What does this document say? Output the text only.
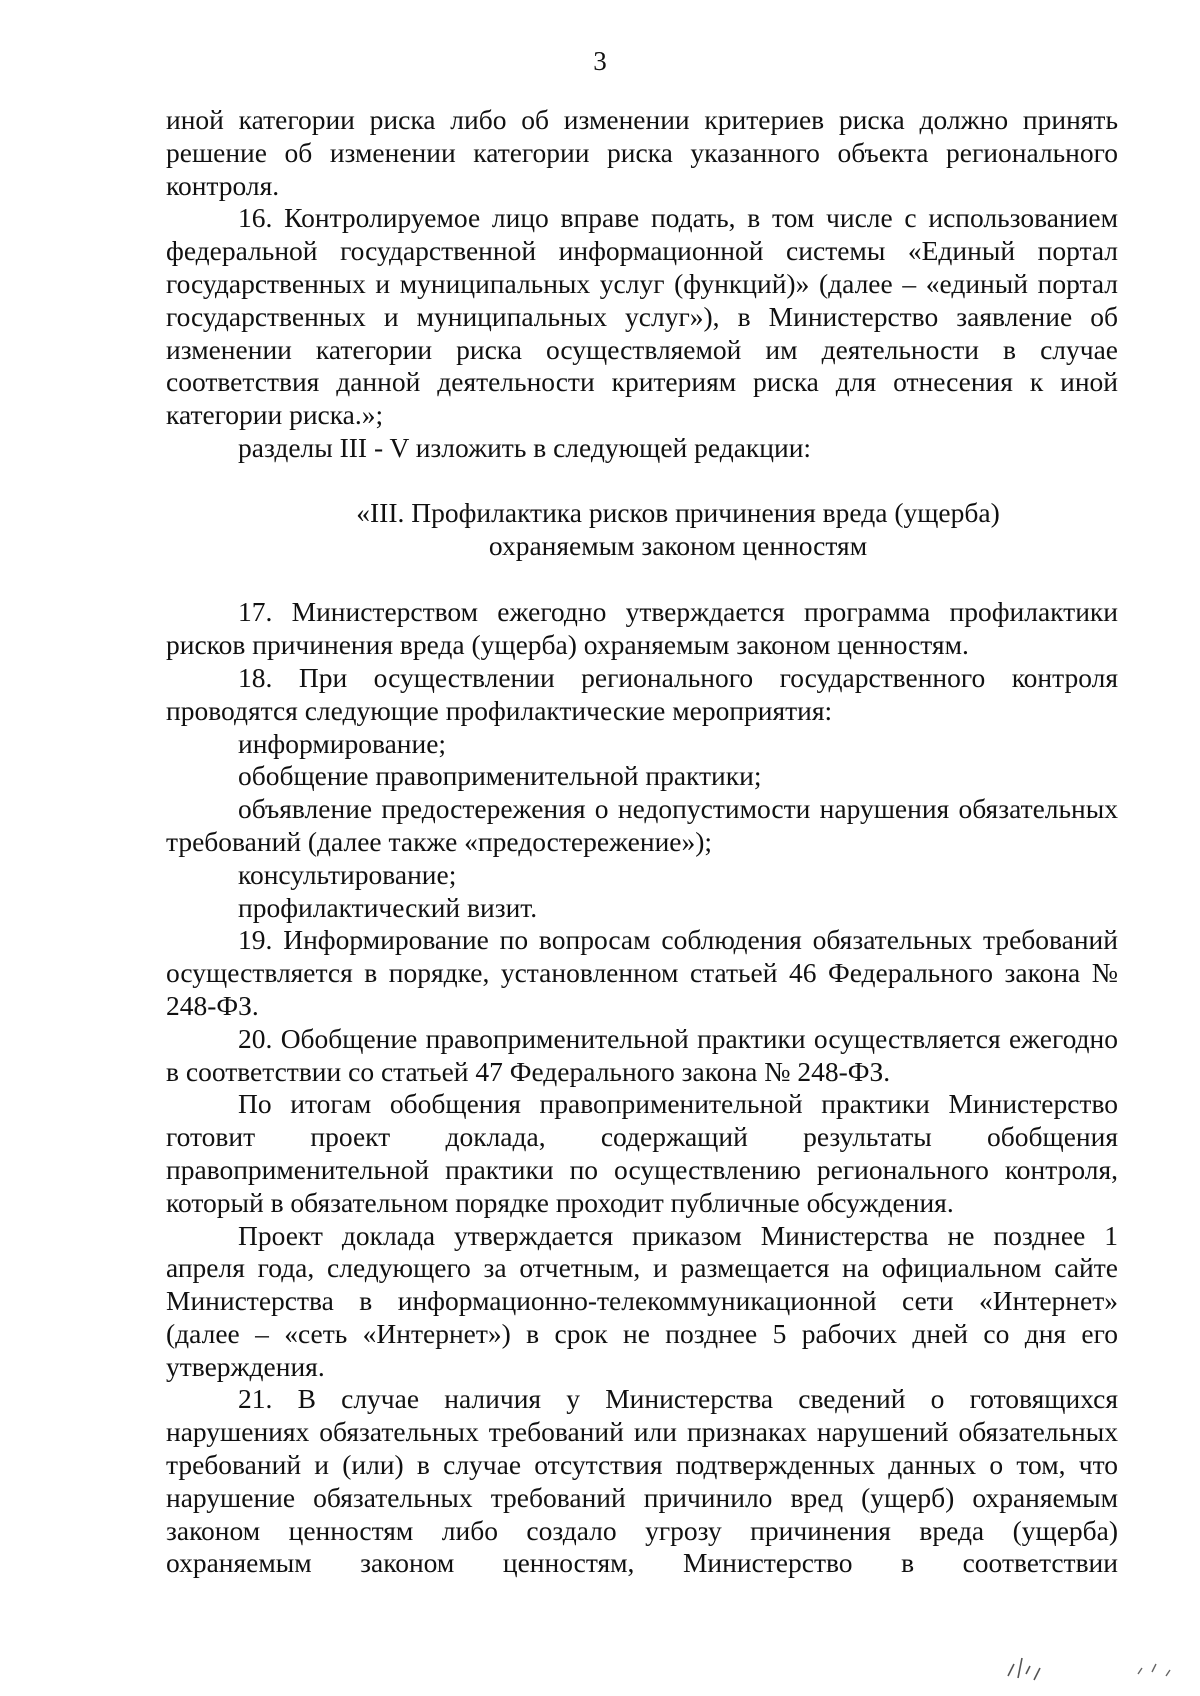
3

иной категории риска либо об изменении критериев риска должно принять решение об изменении категории риска указанного объекта регионального контроля.

16. Контролируемое лицо вправе подать, в том числе с использованием федеральной государственной информационной системы «Единый портал государственных и муниципальных услуг (функций)» (далее – «единый портал государственных и муниципальных услуг»), в Министерство заявление об изменении категории риска осуществляемой им деятельности в случае соответствия данной деятельности критериям риска для отнесения к иной категории риска.»;

разделы III - V изложить в следующей редакции:

«III. Профилактика рисков причинения вреда (ущерба)
охраняемым законом ценностям

17. Министерством ежегодно утверждается программа профилактики рисков причинения вреда (ущерба) охраняемым законом ценностям.

18. При осуществлении регионального государственного контроля проводятся следующие профилактические мероприятия:

информирование;

обобщение правоприменительной практики;

объявление предостережения о недопустимости нарушения обязательных требований (далее также «предостережение»);

консультирование;

профилактический визит.

19. Информирование по вопросам соблюдения обязательных требований осуществляется в порядке, установленном статьей 46 Федерального закона № 248-ФЗ.

20. Обобщение правоприменительной практики осуществляется ежегодно в соответствии со статьей 47 Федерального закона № 248-ФЗ.

По итогам обобщения правоприменительной практики Министерство готовит проект доклада, содержащий результаты обобщения правоприменительной практики по осуществлению регионального контроля, который в обязательном порядке проходит публичные обсуждения.

Проект доклада утверждается приказом Министерства не позднее 1 апреля года, следующего за отчетным, и размещается на официальном сайте Министерства в информационно-телекоммуникационной сети «Интернет» (далее – «сеть «Интернет») в срок не позднее 5 рабочих дней со дня его утверждения.

21. В случае наличия у Министерства сведений о готовящихся нарушениях обязательных требований или признаках нарушений обязательных требований и (или) в случае отсутствия подтвержденных данных о том, что нарушение обязательных требований причинило вред (ущерб) охраняемым законом ценностям либо создало угрозу причинения вреда (ущерба) охраняемым законом ценностям, Министерство в соответствии
